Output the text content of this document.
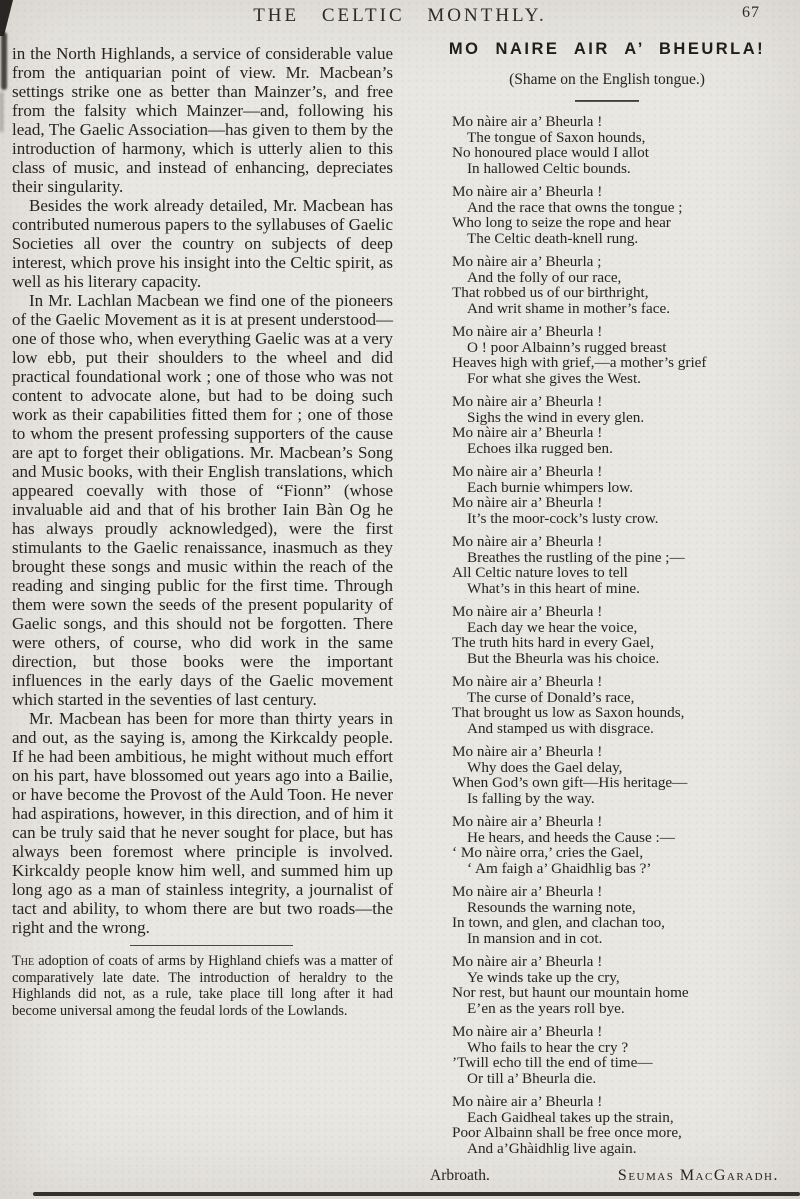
THE CELTIC MONTHLY.	67

in the North Highlands, a service of considerable value from the antiquarian point of view. Mr. Macbean’s settings strike one as better than Mainzer’s, and free from the falsity which Mainzer—and, following his lead, The Gaelic Association—has given to them by the introduction of harmony, which is utterly alien to this class of music, and instead of enhancing, depreciates their singularity.

Besides the work already detailed, Mr. Macbean has contributed numerous papers to the syllabuses of Gaelic Societies all over the country on subjects of deep interest, which prove his insight into the Celtic spirit, as well as his literary capacity.

In Mr. Lachlan Macbean we find one of the pioneers of the Gaelic Movement as it is at present understood—one of those who, when everything Gaelic was at a very low ebb, put their shoulders to the wheel and did practical foundational work ; one of those who was not content to advocate alone, but had to be doing such work as their capabilities fitted them for ; one of those to whom the present professing supporters of the cause are apt to forget their obligations. Mr. Macbean’s Song and Music books, with their English translations, which appeared coevally with those of “Fionn” (whose invaluable aid and that of his brother Iain Bàn Og he has always proudly acknowledged), were the first stimulants to the Gaelic renaissance, inasmuch as they brought these songs and music within the reach of the reading and singing public for the first time. Through them were sown the seeds of the present popularity of Gaelic songs, and this should not be forgotten. There were others, of course, who did work in the same direction, but those books were the important influences in the early days of the Gaelic movement which started in the seventies of last century.

Mr. Macbean has been for more than thirty years in and out, as the saying is, among the Kirkcaldy people. If he had been ambitious, he might without much effort on his part, have blossomed out years ago into a Bailie, or have become the Provost of the Auld Toon. He never had aspirations, however, in this direction, and of him it can be truly said that he never sought for place, but has always been foremost where principle is involved. Kirkcaldy people know him well, and summed him up long ago as a man of stainless integrity, a journalist of tact and ability, to whom there are but two roads—the right and the wrong.

The adoption of coats of arms by Highland chiefs was a matter of comparatively late date. The introduction of heraldry to the Highlands did not, as a rule, take place till long after it had become universal among the feudal lords of the Lowlands.

MO NAIRE AIR A’ BHEURLA!
(Shame on the English tongue.)
Mo nàire air a’ Bheurla !
The tongue of Saxon hounds,
No honoured place would I allot
In hallowed Celtic bounds.
Mo nàire air a’ Bheurla !
And the race that owns the tongue ;
Who long to seize the rope and hear
The Celtic death-knell rung.
Mo nàire air a’ Bheurla ;
And the folly of our race,
That robbed us of our birthright,
And writ shame in mother’s face.
Mo nàire air a’ Bheurla !
O ! poor Albainn’s rugged breast
Heaves high with grief,—a mother’s grief
For what she gives the West.
Mo nàire air a’ Bheurla !
Sighs the wind in every glen.
Mo nàire air a’ Bheurla !
Echoes ilka rugged ben.
Mo nàire air a’ Bheurla !
Each burnie whimpers low.
Mo nàire air a’ Bheurla !
It’s the moor-cock’s lusty crow.
Mo nàire air a’ Bheurla !
Breathes the rustling of the pine ;—
All Celtic nature loves to tell
What’s in this heart of mine.
Mo nàire air a’ Bheurla !
Each day we hear the voice,
The truth hits hard in every Gael,
But the Bheurla was his choice.
Mo nàire air a’ Bheurla !
The curse of Donald’s race,
That brought us low as Saxon hounds,
And stamped us with disgrace.
Mo nàire air a’ Bheurla !
Why does the Gael delay,
When God’s own gift—His heritage—
Is falling by the way.
Mo nàire air a’ Bheurla !
He hears, and heeds the Cause :—
‘ Mo nàire orra,’ cries the Gael,
‘ Am faigh a’ Ghaidhlig bas ?’
Mo nàire air a’ Bheurla !
Resounds the warning note,
In town, and glen, and clachan too,
In mansion and in cot.
Mo nàire air a’ Bheurla !
Ye winds take up the cry,
Nor rest, but haunt our mountain home
E’en as the years roll bye.
Mo nàire air a’ Bheurla !
Who fails to hear the cry ?
’Twill echo till the end of time—
Or till a’ Bheurla die.
Mo nàire air a’ Bheurla !
Each Gaidheal takes up the strain,
Poor Albainn shall be free once more,
And a’Ghàidhlig live again.
Arbroath.	Seumas MacGaradh.
